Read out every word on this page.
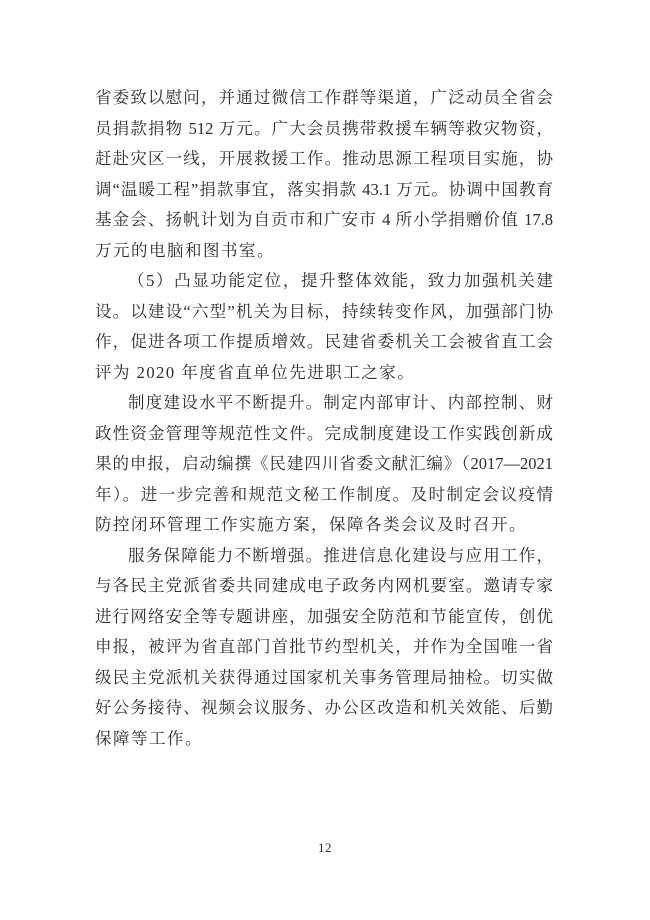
省委致以慰问，并通过微信工作群等渠道，广泛动员全省会
员捐款捐物 512 万元。广大会员携带救援车辆等救灾物资，
赶赴灾区一线，开展救援工作。推动思源工程项目实施，协
调“温暖工程”捐款事宜，落实捐款 43.1 万元。协调中国教育
基金会、扬帆计划为自贡市和广安市 4 所小学捐赠价值 17.8
万元的电脑和图书室。
（5）凸显功能定位，提升整体效能，致力加强机关建
设。以建设“六型”机关为目标，持续转变作风，加强部门协
作，促进各项工作提质增效。民建省委机关工会被省直工会
评为 2020 年度省直单位先进职工之家。
制度建设水平不断提升。制定内部审计、内部控制、财
政性资金管理等规范性文件。完成制度建设工作实践创新成
果的申报，启动编撰《民建四川省委文献汇编》（2017—2021
年）。进一步完善和规范文秘工作制度。及时制定会议疫情
防控闭环管理工作实施方案，保障各类会议及时召开。
服务保障能力不断增强。推进信息化建设与应用工作，
与各民主党派省委共同建成电子政务内网机要室。邀请专家
进行网络安全等专题讲座，加强安全防范和节能宣传，创优
申报，被评为省直部门首批节约型机关，并作为全国唯一省
级民主党派机关获得通过国家机关事务管理局抽检。切实做
好公务接待、视频会议服务、办公区改造和机关效能、后勤
保障等工作。
12
